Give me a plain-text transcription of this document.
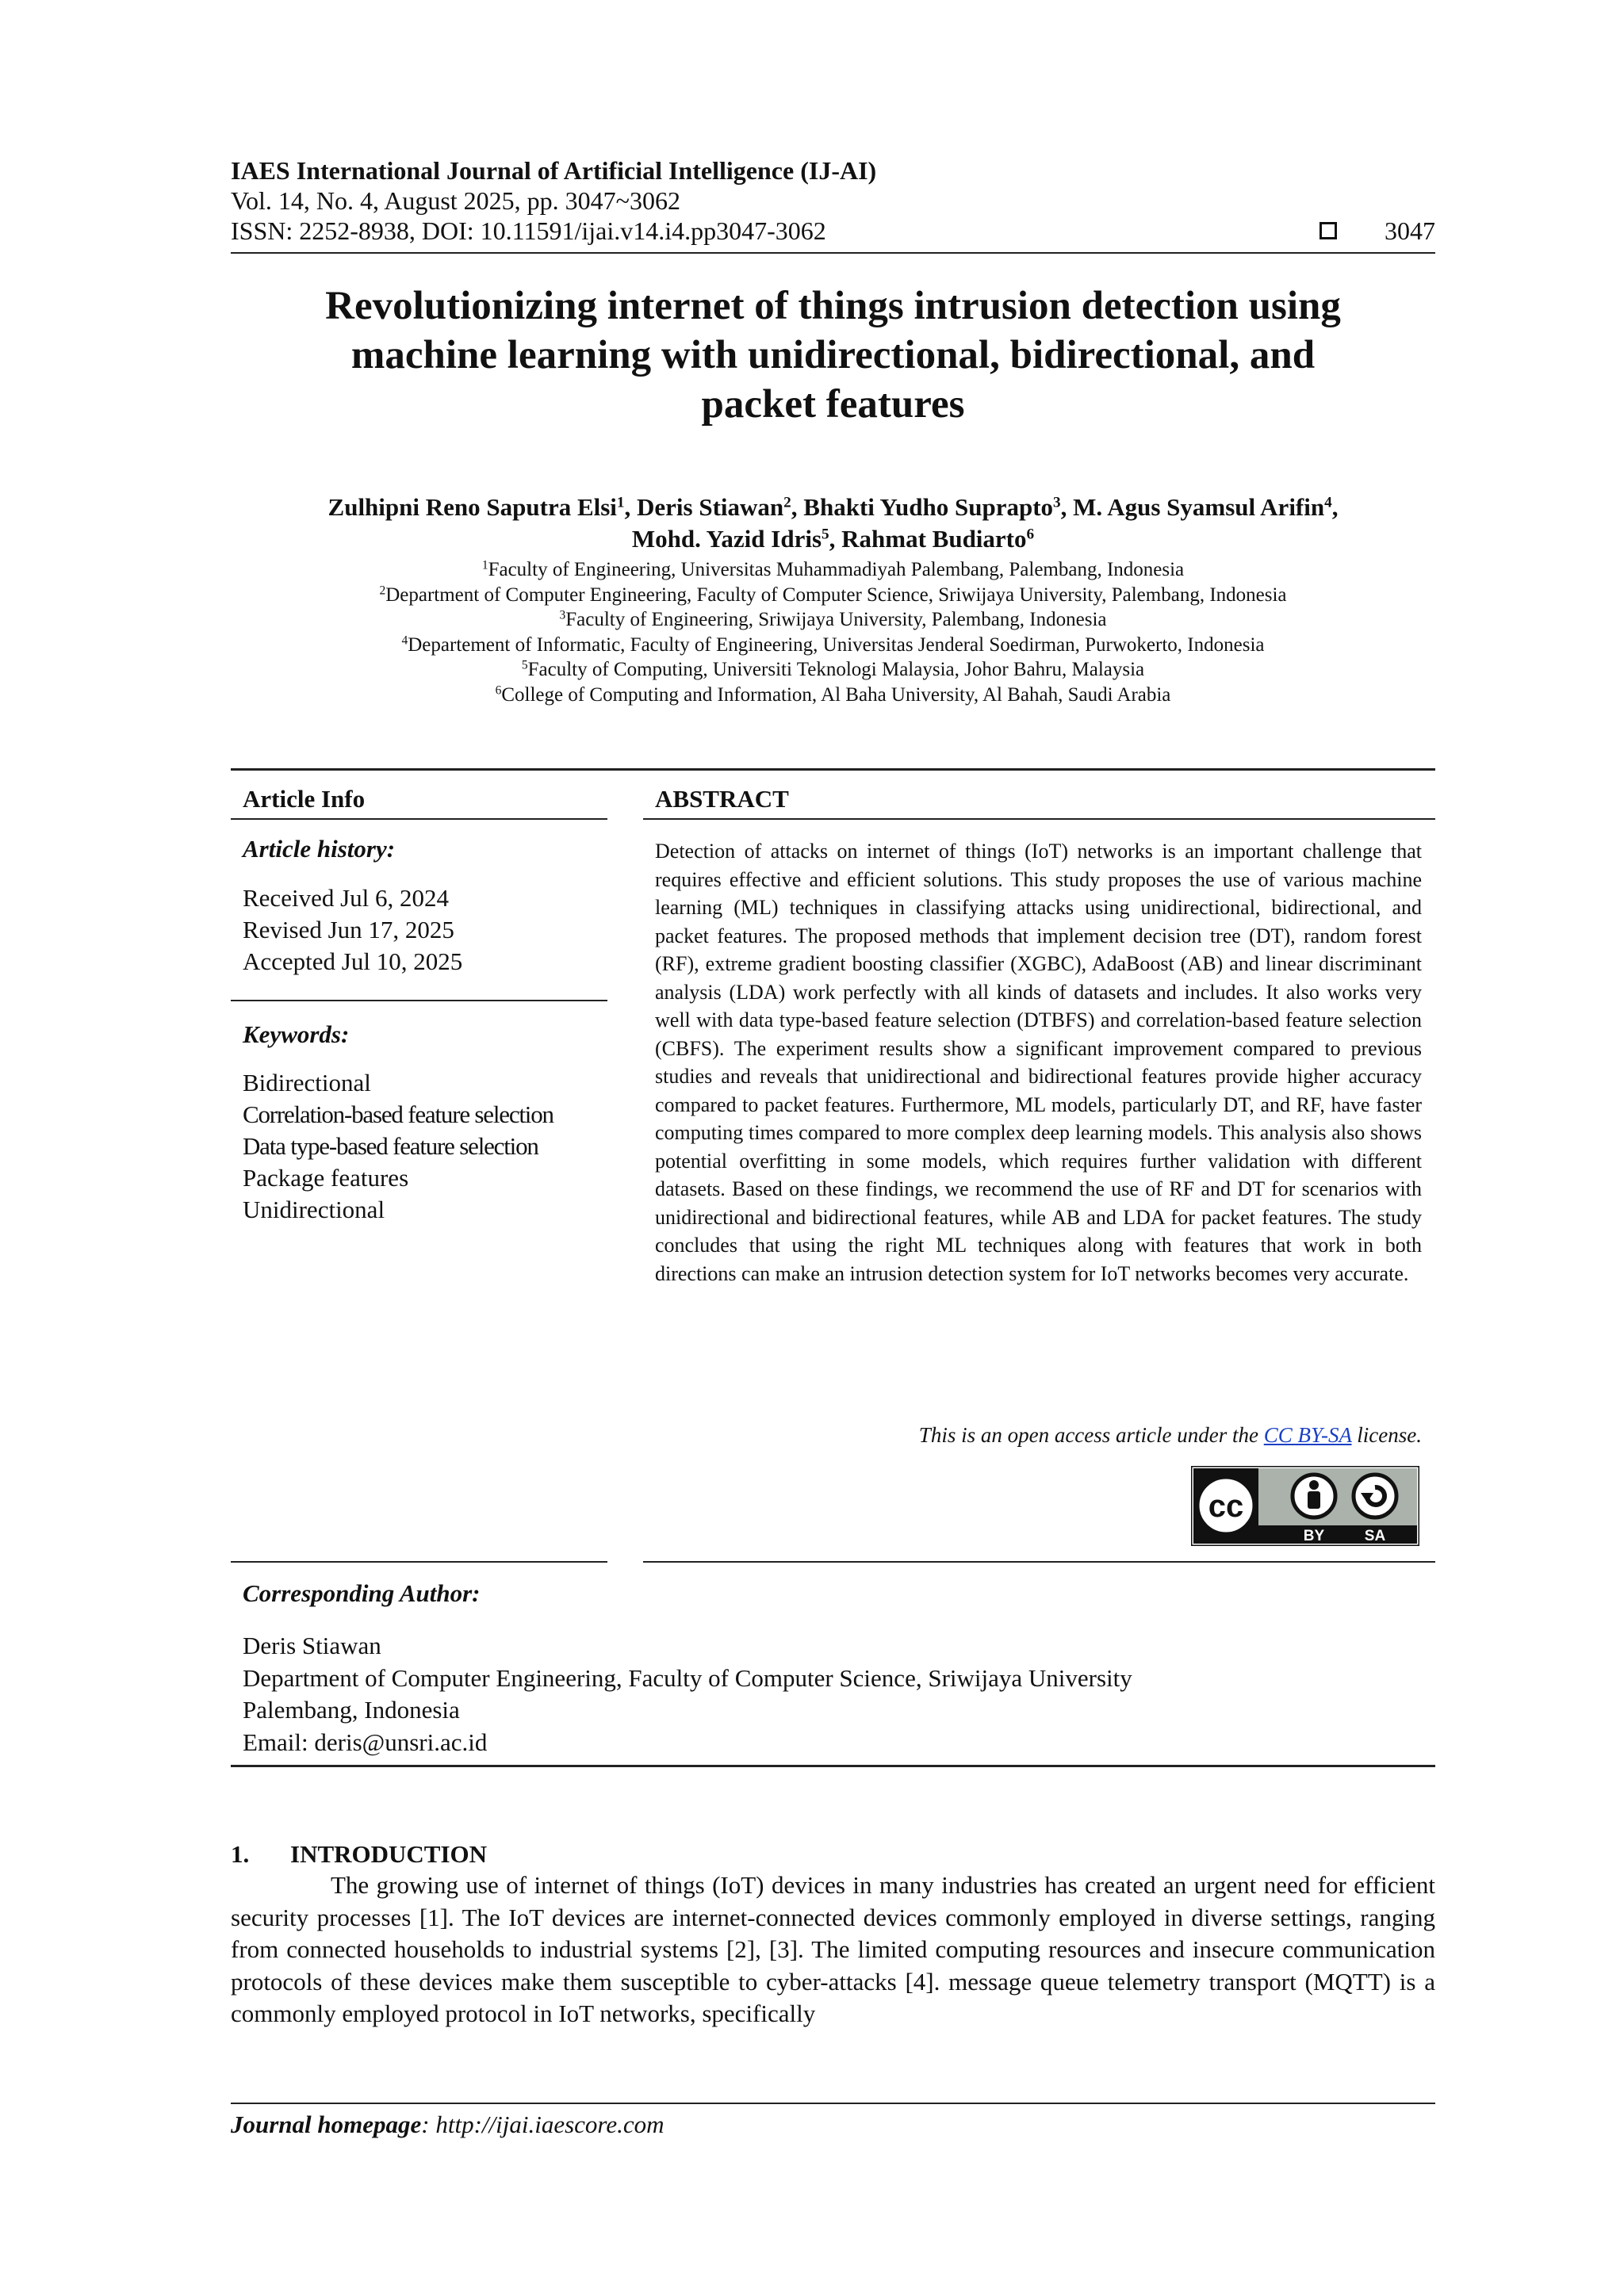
IAES International Journal of Artificial Intelligence (IJ-AI)
Vol. 14, No. 4, August 2025, pp. 3047~3062
ISSN: 2252-8938, DOI: 10.11591/ijai.v14.i4.pp3047-3062	3047
Revolutionizing internet of things intrusion detection using
machine learning with unidirectional, bidirectional, and
packet features
Zulhipni Reno Saputra Elsi$^1$, Deris Stiawan$^2$, Bhakti Yudho Suprapto$^3$, M. Agus Syamsul Arifin$^4$,
Mohd. Yazid Idris$^5$, Rahmat Budiarto$^6$
$^1$Faculty of Engineering, Universitas Muhammadiyah Palembang, Palembang, Indonesia
$^2$Department of Computer Engineering, Faculty of Computer Science, Sriwijaya University, Palembang, Indonesia
$^3$Faculty of Engineering, Sriwijaya University, Palembang, Indonesia
$^4$Departement of Informatic, Faculty of Engineering, Universitas Jenderal Soedirman, Purwokerto, Indonesia
$^5$Faculty of Computing, Universiti Teknologi Malaysia, Johor Bahru, Malaysia
$^6$College of Computing and Information, Al Baha University, Al Bahah, Saudi Arabia
Article Info
Article history:
Received Jul 6, 2024
Revised Jun 17, 2025
Accepted Jul 10, 2025
Keywords:
Bidirectional
Correlation-based feature selection
Data type-based feature selection
Package features
Unidirectional
ABSTRACT
Detection of attacks on internet of things (IoT) networks is an important challenge that requires effective and efficient solutions. This study proposes the use of various machine learning (ML) techniques in classifying attacks using unidirectional, bidirectional, and packet features. The proposed methods that implement decision tree (DT), random forest (RF), extreme gradient boosting classifier (XGBC), AdaBoost (AB) and linear discriminant analysis (LDA) work perfectly with all kinds of datasets and includes. It also works very well with data type-based feature selection (DTBFS) and correlation-based feature selection (CBFS). The experiment results show a significant improvement compared to previous studies and reveals that unidirectional and bidirectional features provide higher accuracy compared to packet features. Furthermore, ML models, particularly DT, and RF, have faster computing times compared to more complex deep learning models. This analysis also shows potential overfitting in some models, which requires further validation with different datasets. Based on these findings, we recommend the use of RF and DT for scenarios with unidirectional and bidirectional features, while AB and LDA for packet features. The study concludes that using the right ML techniques along with features that work in both directions can make an intrusion detection system for IoT networks becomes very accurate.
This is an open access article under the CC BY-SA license.
cc
BY	SA
Corresponding Author:
Deris Stiawan
Department of Computer Engineering, Faculty of Computer Science, Sriwijaya University
Palembang, Indonesia
Email: deris@unsri.ac.id
1. INTRODUCTION
The growing use of internet of things (IoT) devices in many industries has created an urgent need for efficient security processes [1]. The IoT devices are internet-connected devices commonly employed in diverse settings, ranging from connected households to industrial systems [2], [3]. The limited computing resources and insecure communication protocols of these devices make them susceptible to cyber-attacks [4]. message queue telemetry transport (MQTT) is a commonly employed protocol in IoT networks, specifically
Journal homepage: http://ijai.iaescore.com
